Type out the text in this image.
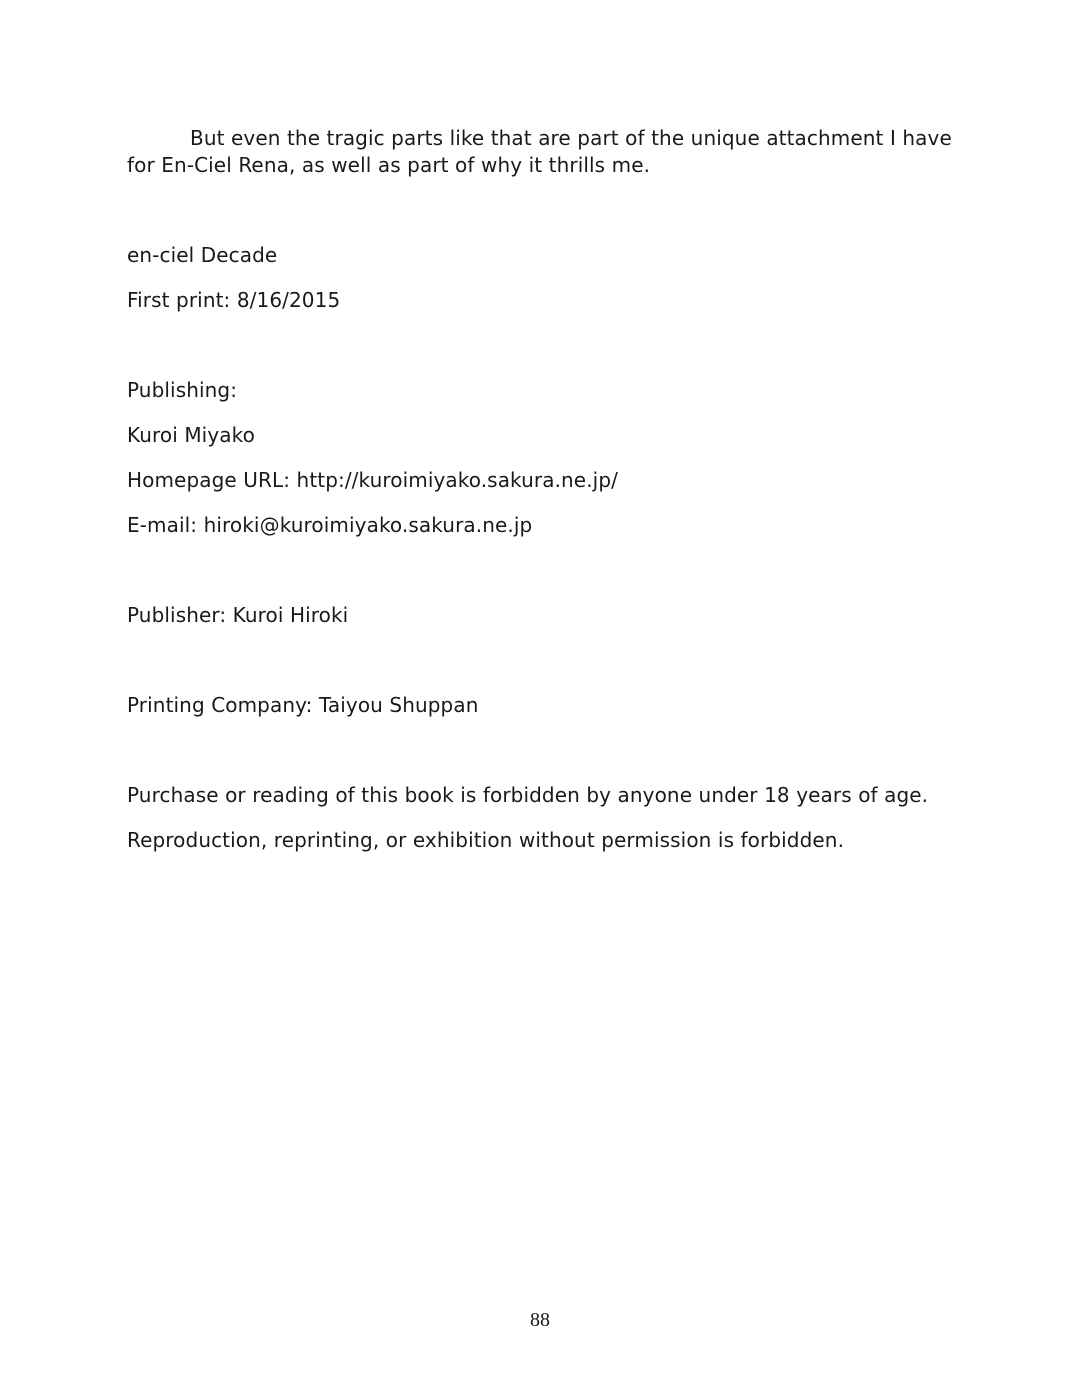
But even the tragic parts like that are part of the unique attachment I have
for En-Ciel Rena, as well as part of why it thrills me.
en-ciel Decade
First print: 8/16/2015
Publishing:
Kuroi Miyako
Homepage URL: http://kuroimiyako.sakura.ne.jp/
E-mail: hiroki@kuroimiyako.sakura.ne.jp
Publisher: Kuroi Hiroki
Printing Company: Taiyou Shuppan
Purchase or reading of this book is forbidden by anyone under 18 years of age.
Reproduction, reprinting, or exhibition without permission is forbidden.
88
